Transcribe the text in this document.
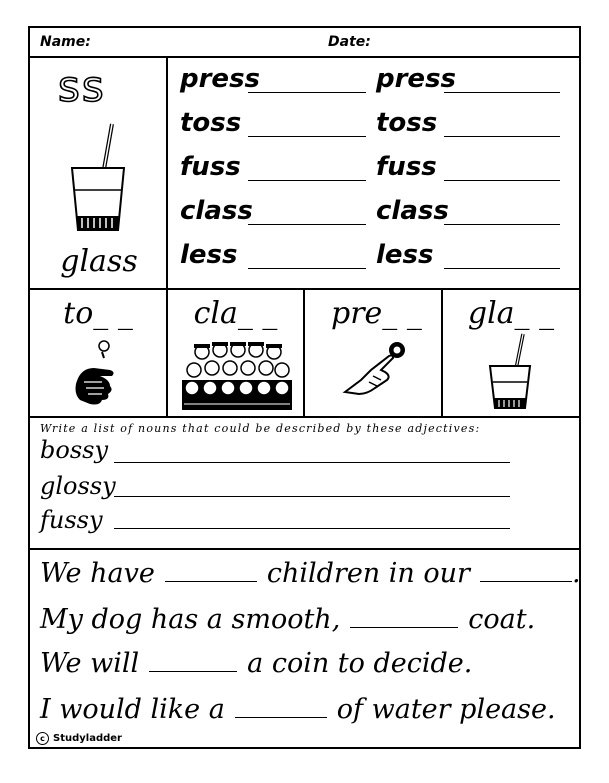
Name:	Date:
ss
glass
press	press
toss	toss
fuss	fuss
class	class
less	less
to_ _	cla_ _	pre_ _	gla_ _
Write a list of nouns that could be described by these adjectives:
bossy
glossy
fussy
We have	children in our	.
My dog has a smooth,	coat.
We will	a coin to decide.
I would like a	of water please.
c Studyladder
